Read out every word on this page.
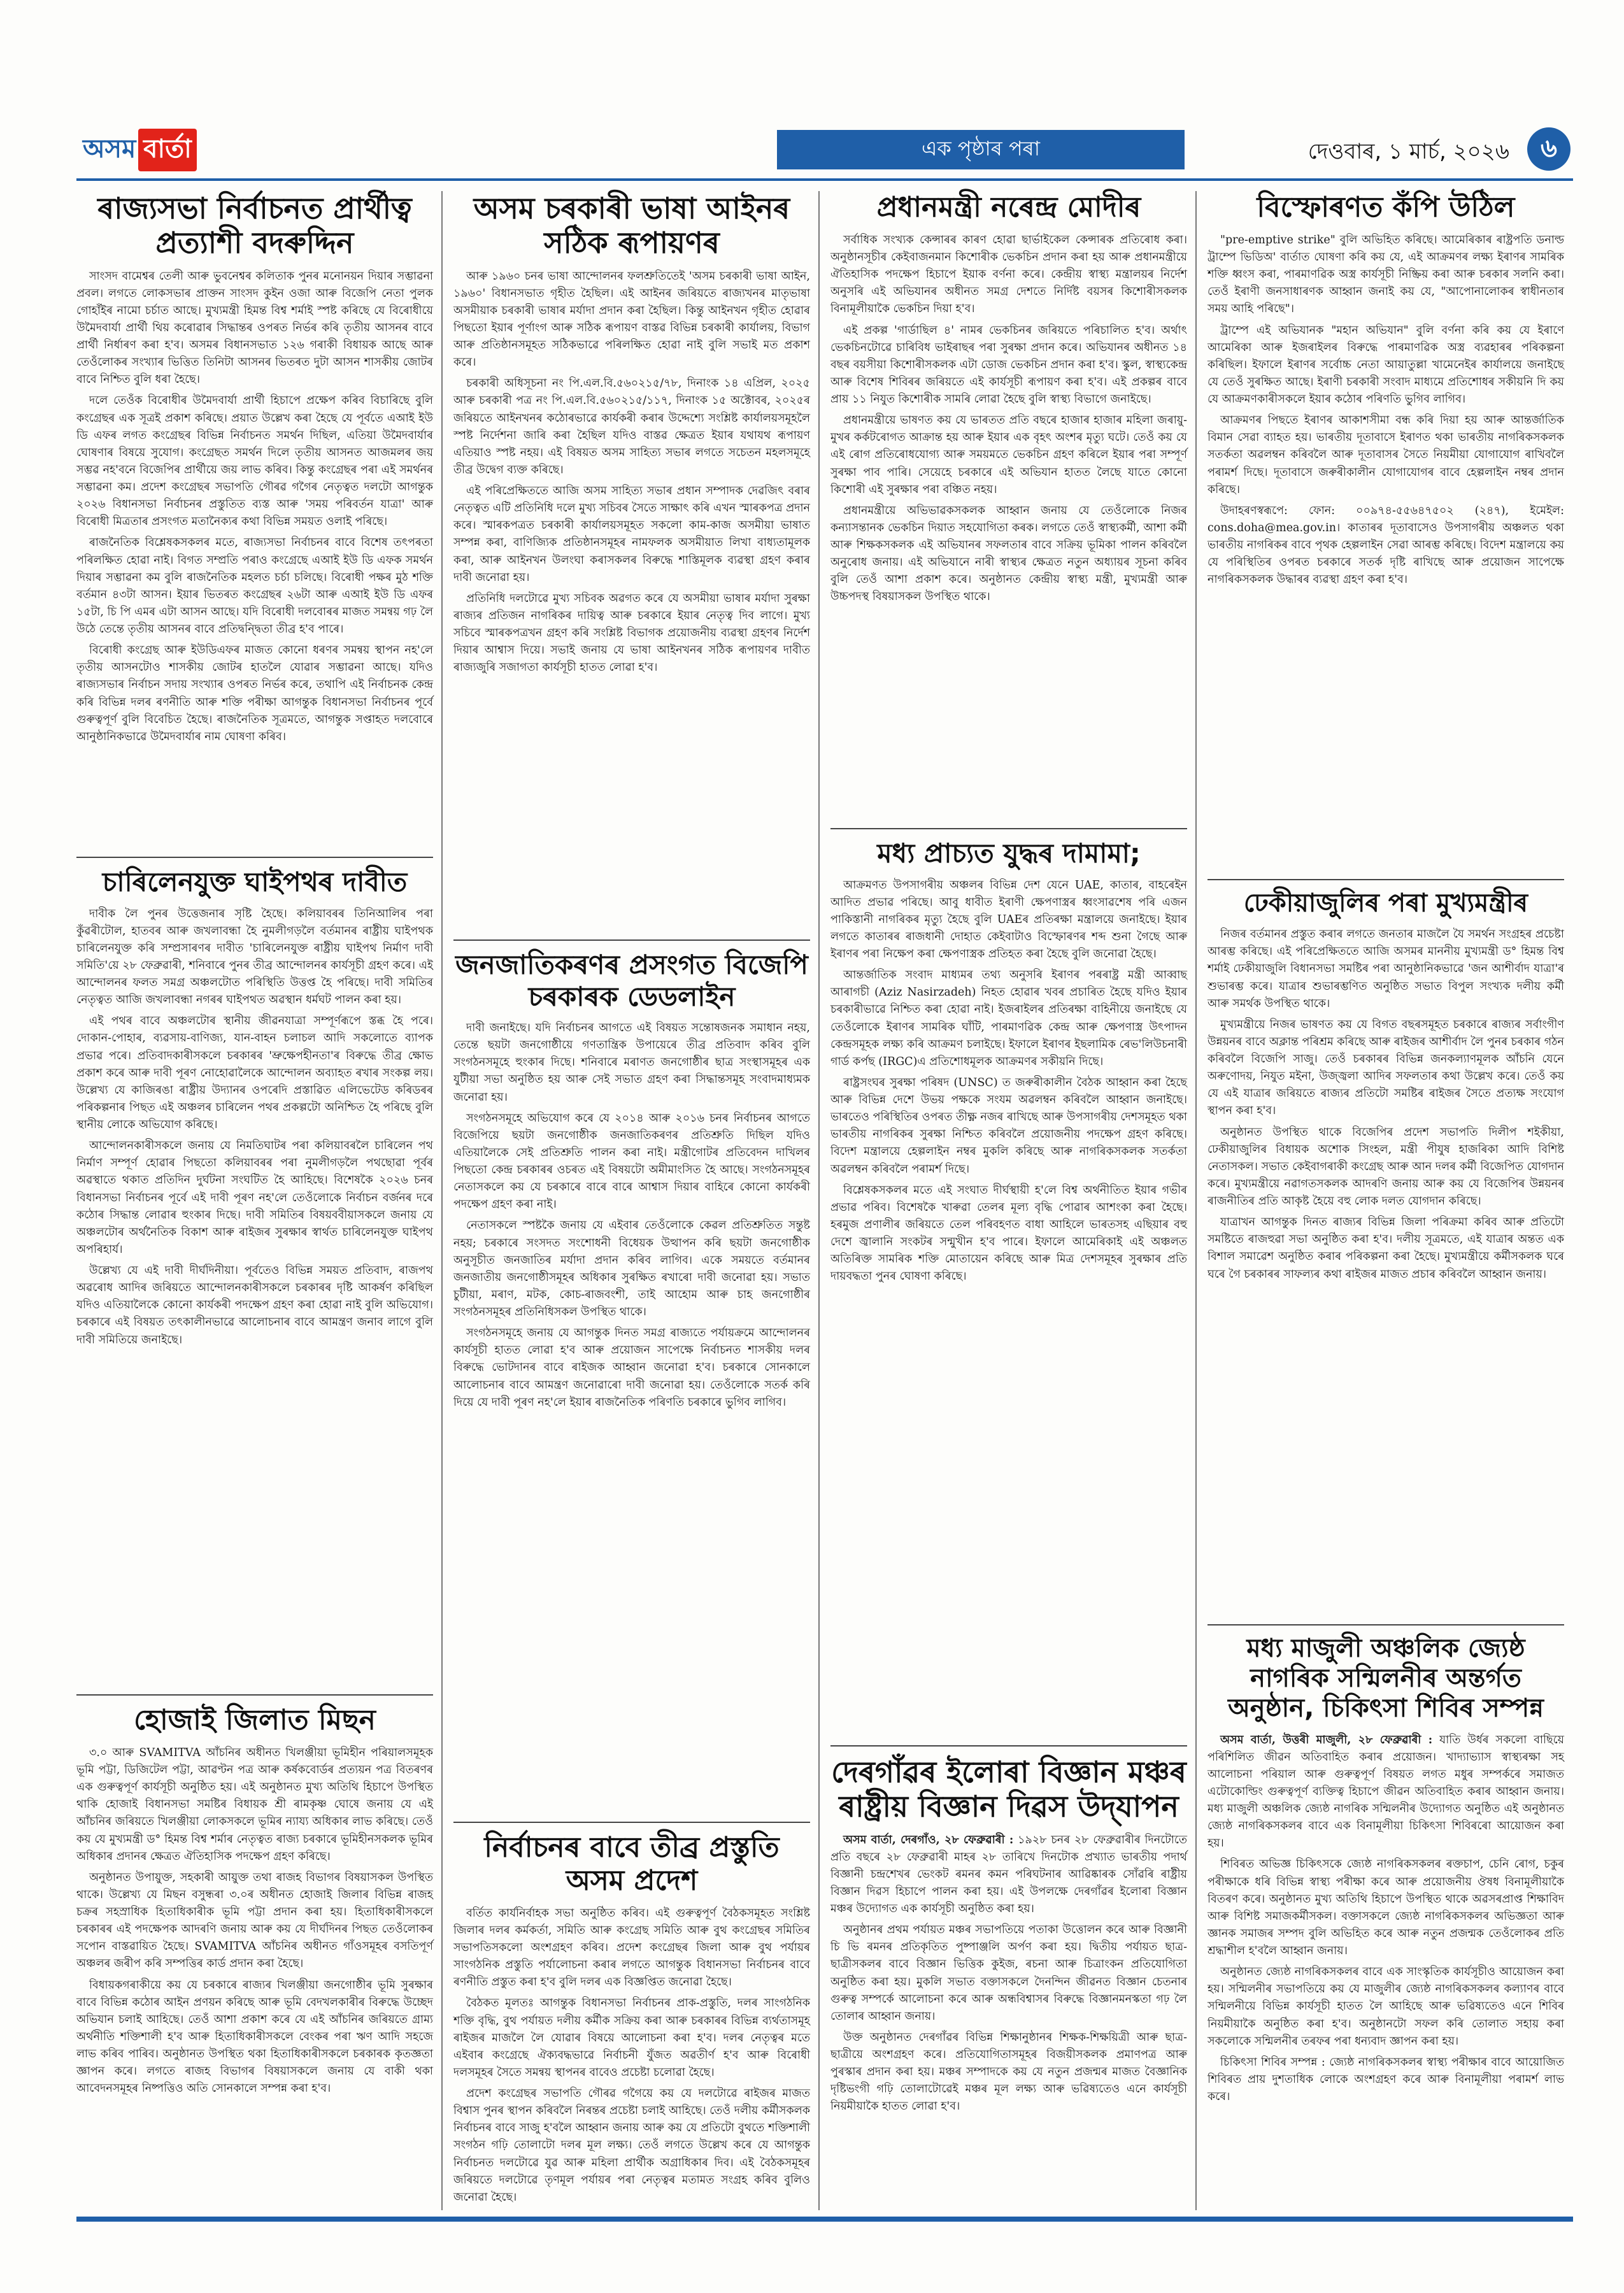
অসম বাৰ্তা	এক পৃষ্ঠাৰ পৰা	দেওবাৰ, ১ মাৰ্চ, ২০২৬	৬
ৰাজ্যসভা নিৰ্বাচনত প্ৰাৰ্থীত্ব প্ৰত্যাশী বদৰুদ্দিন

সাংসদ বামেশ্বৰ তেলী আৰু ভুবনেশ্বৰ কলিতাক পুনৰ মনোনয়ন দিয়াৰ সম্ভাৱনা প্ৰবল। লগতে লোকসভাৰ প্ৰাক্তন সাংসদ কুইন ওজা আৰু বিজেপি নেতা পুলক গোহাঁইৰ নামো চৰ্চাত আছে। মুখ্যমন্ত্ৰী হিমন্ত বিশ্ব শৰ্মাই স্পষ্ট কৰিছে যে বিৰোধীয়ে উমৈদবাৰ্যা প্ৰাৰ্থী থিয় কৰোৱাৰ সিদ্ধান্তৰ ওপৰত নিৰ্ভৰ কৰি তৃতীয় আসনৰ বাবে প্ৰাৰ্থী নিৰ্ধাৰণ কৰা হ'ব। অসমৰ বিধানসভাত ১২৬ গৰাকী বিধায়ক আছে আৰু তেওঁলোকৰ সংখ্যাৰ ভিত্তিত তিনিটা আসনৰ ভিতৰত দুটা আসন শাসকীয় জোটৰ বাবে নিশ্চিত বুলি ধৰা হৈছে।

দলে তেওঁক বিৰোধীৰ উমৈদবাৰ্যা প্ৰাৰ্থী হিচাপে প্ৰক্ষেপ কৰিব বিচাৰিছে বুলি কংগ্ৰেছৰ এক সূত্ৰই প্ৰকাশ কৰিছে। প্ৰয়াত উল্লেখ কৰা হৈছে যে পূৰ্বতে এআই ইউ ডি এফৰ লগত কংগ্ৰেছৰ বিভিন্ন নিৰ্বাচনত সমৰ্থন দিছিল, এতিয়া উমৈদবাৰ্যাৰ ঘোষণাৰ বিষয়ে সুযোগ। কংগ্ৰেছত সমৰ্থন দিলে তৃতীয় আসনত আজমলৰ জয় সম্ভৱ নহ'বনে বিজেপিৰ প্ৰাৰ্থীয়ে জয় লাভ কৰিব। কিন্তু কংগ্ৰেছৰ পৰা এই সমৰ্থনৰ সম্ভাৱনা কম। প্ৰদেশ কংগ্ৰেছৰ সভাপতি গৌৰৱ গগৈৰ নেতৃত্বত দলটো আগন্তুক ২০২৬ বিধানসভা নিৰ্বাচনৰ প্ৰস্তুতিত ব্যস্ত আৰু 'সময় পৰিবৰ্তন যাত্ৰা' আৰু বিৰোধী মিত্ৰতাৰ প্ৰসংগত মতানৈক্যৰ কথা বিভিন্ন সময়ত ওলাই পৰিছে।

ৰাজনৈতিক বিশ্লেষকসকলৰ মতে, ৰাজ্যসভা নিৰ্বাচনৰ বাবে বিশেষ তৎপৰতা পৰিলক্ষিত হোৱা নাই। বিগত সম্প্ৰতি পৰাও কংগ্ৰেছে এআই ইউ ডি এফক সমৰ্থন দিয়াৰ সম্ভাৱনা কম বুলি ৰাজনৈতিক মহলত চৰ্চা চলিছে। বিৰোধী পক্ষৰ মুঠ শক্তি বৰ্তমান ৪৩টা আসন। ইয়াৰ ভিতৰত কংগ্ৰেছৰ ২৬টা আৰু এআই ইউ ডি এফৰ ১৫টা, চি পি এমৰ এটা আসন আছে। যদি বিৰোধী দলবোৰৰ মাজত সমন্বয় গঢ় লৈ উঠে তেন্তে তৃতীয় আসনৰ বাবে প্ৰতিদ্বন্দ্বিতা তীব্ৰ হ'ব পাৰে।

বিৰোধী কংগ্ৰেছ আৰু ইউডিএফৰ মাজত কোনো ধৰণৰ সমন্বয় স্থাপন নহ'লে তৃতীয় আসনটোও শাসকীয় জোটৰ হাতলৈ যোৱাৰ সম্ভাৱনা আছে। যদিও ৰাজ্যসভাৰ নিৰ্বাচন সদায় সংখ্যাৰ ওপৰত নিৰ্ভৰ কৰে, তথাপি এই নিৰ্বাচনক কেন্দ্ৰ কৰি বিভিন্ন দলৰ ৰণনীতি আৰু শক্তি পৰীক্ষা আগন্তুক বিধানসভা নিৰ্বাচনৰ পূৰ্বে গুৰুত্বপূৰ্ণ বুলি বিবেচিত হৈছে। ৰাজনৈতিক সূত্ৰমতে, আগন্তুক সপ্তাহত দলবোৰে আনুষ্ঠানিকভাৱে উমৈদবাৰ্যাৰ নাম ঘোষণা কৰিব।

চাৰিলেনযুক্ত ঘাইপথৰ দাবীত

দাবীক লৈ পুনৰ উত্তেজনাৰ সৃষ্টি হৈছে। কলিয়াবৰৰ তিনিআলিৰ পৰা কুঁৱৰীটোল, হাতবৰ আৰু জখলাবন্ধা হৈ নুমলীগড়লৈ বৰ্তমানৰ ৰাষ্ট্ৰীয় ঘাইপথক চাৰিলেনযুক্ত কৰি সম্প্ৰসাৰণৰ দাবীত 'চাৰিলেনযুক্ত ৰাষ্ট্ৰীয় ঘাইপথ নিৰ্মাণ দাবী সমিতি'য়ে ২৮ ফেব্ৰুৱাৰী, শনিবাৰে পুনৰ তীব্ৰ আন্দোলনৰ কাৰ্যসূচী গ্ৰহণ কৰে। এই আন্দোলনৰ ফলত সমগ্ৰ অঞ্চলটোত পৰিস্থিতি উত্তপ্ত হৈ পৰিছে। দাবী সমিতিৰ নেতৃত্বত আজি জখলাবন্ধা নগৰৰ ঘাইপথত অৱস্থান ধৰ্মঘট পালন কৰা হয়।

এই পথৰ বাবে অঞ্চলটোৰ স্থানীয় জীৱনযাত্ৰা সম্পূৰ্ণৰূপে স্তব্ধ হৈ পৰে। দোকান-পোহাৰ, ব্যৱসায়-বাণিজ্য, যান-বাহন চলাচল আদি সকলোতে ব্যাপক প্ৰভাৱ পৰে। প্ৰতিবাদকাৰীসকলে চৰকাৰৰ 'ভ্ৰুক্ষেপহীনতা'ৰ বিৰুদ্ধে তীব্ৰ ক্ষোভ প্ৰকাশ কৰে আৰু দাবী পূৰণ নোহোৱালৈকে আন্দোলন অব্যাহত ৰখাৰ সংকল্প লয়। উল্লেখ্য যে কাজিৰঙা ৰাষ্ট্ৰীয় উদ্যানৰ ওপৰেদি প্ৰস্তাৱিত এলিভেটেড কৰিডৰৰ পৰিকল্পনাৰ পিছত এই অঞ্চলৰ চাৰিলেন পথৰ প্ৰকল্পটো অনিশ্চিত হৈ পৰিছে বুলি স্থানীয় লোকে অভিযোগ কৰিছে।

আন্দোলনকাৰীসকলে জনায় যে নিমতিঘাটৰ পৰা কলিয়াবৰলৈ চাৰিলেন পথ নিৰ্মাণ সম্পূৰ্ণ হোৱাৰ পিছতো কলিয়াবৰৰ পৰা নুমলীগড়লৈ পথছোৱা পূৰ্বৰ অৱস্থাতে থকাত প্ৰতিদিন দুৰ্ঘটনা সংঘটিত হৈ আহিছে। বিশেষকৈ ২০২৬ চনৰ বিধানসভা নিৰ্বাচনৰ পূৰ্বে এই দাবী পূৰণ নহ'লে তেওঁলোকে নিৰ্বাচন বৰ্জনৰ দৰে কঠোৰ সিদ্ধান্ত লোৱাৰ হুংকাৰ দিছে। দাবী সমিতিৰ বিষয়ববীয়াসকলে জনায় যে অঞ্চলটোৰ অৰ্থনৈতিক বিকাশ আৰু ৰাইজৰ সুৰক্ষাৰ স্বাৰ্থত চাৰিলেনযুক্ত ঘাইপথ অপৰিহাৰ্য।

উল্লেখ্য যে এই দাবী দীৰ্ঘদিনীয়া। পূৰ্বতেও বিভিন্ন সময়ত প্ৰতিবাদ, ৰাজপথ অৱৰোধ আদিৰ জৰিয়তে আন্দোলনকাৰীসকলে চৰকাৰৰ দৃষ্টি আকৰ্ষণ কৰিছিল যদিও এতিয়ালৈকে কোনো কাৰ্যকৰী পদক্ষেপ গ্ৰহণ কৰা হোৱা নাই বুলি অভিযোগ। চৰকাৰে এই বিষয়ত তৎকালীনভাৱে আলোচনাৰ বাবে আমন্ত্ৰণ জনাব লাগে বুলি দাবী সমিতিয়ে জনাইছে।

হোজাই জিলাত মিছন

৩.০ আৰু SVAMITVA আঁচনিৰ অধীনত খিলঞ্জীয়া ভূমিহীন পৰিয়ালসমূহক ভূমি পট্টা, ডিজিটেল পট্টা, আৱণ্টন পত্ৰ আৰু কৰ্ষকবোৰ্ডৰ প্ৰত্যয়ন পত্ৰ বিতৰণৰ এক গুৰুত্বপূৰ্ণ কাৰ্যসূচী অনুষ্ঠিত হয়। এই অনুষ্ঠানত মুখ্য অতিথি হিচাপে উপস্থিত থাকি হোজাই বিধানসভা সমষ্টিৰ বিধায়ক শ্ৰী ৰামকৃষ্ণ ঘোষে জনায় যে এই আঁচনিৰ জৰিয়তে খিলঞ্জীয়া লোকসকলে ভূমিৰ ন্যায্য অধিকাৰ লাভ কৰিছে। তেওঁ কয় যে মুখ্যমন্ত্ৰী ড° হিমন্ত বিশ্ব শৰ্মাৰ নেতৃত্বত ৰাজ্য চৰকাৰে ভূমিহীনসকলক ভূমিৰ অধিকাৰ প্ৰদানৰ ক্ষেত্ৰত ঐতিহাসিক পদক্ষেপ গ্ৰহণ কৰিছে।

অনুষ্ঠানত উপায়ুক্ত, সহকাৰী আয়ুক্ত তথা ৰাজহ বিভাগৰ বিষয়াসকল উপস্থিত থাকে। উল্লেখ্য যে মিছন বসুন্ধৰা ৩.০ৰ অধীনত হোজাই জিলাৰ বিভিন্ন ৰাজহ চক্ৰৰ সহস্ৰাধিক হিতাধিকাৰীক ভূমি পট্টা প্ৰদান কৰা হয়। হিতাধিকাৰীসকলে চৰকাৰৰ এই পদক্ষেপক আদৰণি জনায় আৰু কয় যে দীৰ্ঘদিনৰ পিছত তেওঁলোকৰ সপোন বাস্তৱায়িত হৈছে। SVAMITVA আঁচনিৰ অধীনত গাঁওসমূহৰ বসতিপূৰ্ণ অঞ্চলৰ জৰীপ কৰি সম্পত্তিৰ কাৰ্ড প্ৰদান কৰা হৈছে।

বিধায়কগৰাকীয়ে কয় যে চৰকাৰে ৰাজ্যৰ খিলঞ্জীয়া জনগোষ্ঠীৰ ভূমি সুৰক্ষাৰ বাবে বিভিন্ন কঠোৰ আইন প্ৰণয়ন কৰিছে আৰু ভূমি বেদখলকাৰীৰ বিৰুদ্ধে উচ্ছেদ অভিযান চলাই আহিছে। তেওঁ আশা প্ৰকাশ কৰে যে এই আঁচনিৰ জৰিয়তে গ্ৰাম্য অৰ্থনীতি শক্তিশালী হ'ব আৰু হিতাধিকাৰীসকলে বেংকৰ পৰা ঋণ আদি সহজে লাভ কৰিব পাৰিব। অনুষ্ঠানত উপস্থিত থকা হিতাধিকাৰীসকলে চৰকাৰক কৃতজ্ঞতা জ্ঞাপন কৰে। লগতে ৰাজহ বিভাগৰ বিষয়াসকলে জনায় যে বাকী থকা আবেদনসমূহৰ নিষ্পত্তিও অতি সোনকালে সম্পন্ন কৰা হ'ব।

অসম চৰকাৰী ভাষা আইনৰ সঠিক ৰূপায়ণৰ

আৰু ১৯৬০ চনৰ ভাষা আন্দোলনৰ ফলশ্ৰুতিতেই 'অসম চৰকাৰী ভাষা আইন, ১৯৬০' বিধানসভাত গৃহীত হৈছিল। এই আইনৰ জৰিয়তে ৰাজ্যখনৰ মাতৃভাষা অসমীয়াক চৰকাৰী ভাষাৰ মৰ্যাদা প্ৰদান কৰা হৈছিল। কিন্তু আইনখন গৃহীত হোৱাৰ পিছতো ইয়াৰ পূৰ্ণাংগ আৰু সঠিক ৰূপায়ণ বাস্তৱ বিভিন্ন চৰকাৰী কাৰ্যালয়, বিভাগ আৰু প্ৰতিষ্ঠানসমূহত সঠিকভাৱে পৰিলক্ষিত হোৱা নাই বুলি সভাই মত প্ৰকাশ কৰে।

চৰকাৰী অধিসূচনা নং পি.এল.বি.৫৬০২১৫/৭৮, দিনাংক ১৪ এপ্ৰিল, ২০২৫ আৰু চৰকাৰী পত্ৰ নং পি.এল.বি.৫৬০২১৫/১১৭, দিনাংক ১৫ অক্টোবৰ, ২০২৫ৰ জৰিয়তে আইনখনৰ কঠোৰভাৱে কাৰ্যকৰী কৰাৰ উদ্দেশ্যে সংশ্লিষ্ট কাৰ্যালয়সমূহলৈ স্পষ্ট নিৰ্দেশনা জাৰি কৰা হৈছিল যদিও বাস্তৱ ক্ষেত্ৰত ইয়াৰ যথাযথ ৰূপায়ণ এতিয়াও স্পষ্ট নহয়। এই বিষয়ত অসম সাহিত্য সভাৰ লগতে সচেতন মহলসমূহে তীব্ৰ উদ্বেগ ব্যক্ত কৰিছে।

এই পৰিপ্ৰেক্ষিততে আজি অসম সাহিত্য সভাৰ প্ৰধান সম্পাদক দেৱজিৎ বৰাৰ নেতৃত্বত এটি প্ৰতিনিধি দলে মুখ্য সচিবৰ সৈতে সাক্ষাৎ কৰি এখন স্মাৰকপত্ৰ প্ৰদান কৰে। স্মাৰকপত্ৰত চৰকাৰী কাৰ্যালয়সমূহত সকলো কাম-কাজ অসমীয়া ভাষাত সম্পন্ন কৰা, বাণিজ্যিক প্ৰতিষ্ঠানসমূহৰ নামফলক অসমীয়াত লিখা বাধ্যতামূলক কৰা, আৰু আইনখন উলংঘা কৰাসকলৰ বিৰুদ্ধে শাস্তিমূলক ব্যৱস্থা গ্ৰহণ কৰাৰ দাবী জনোৱা হয়।

প্ৰতিনিধি দলটোৱে মুখ্য সচিবক অৱগত কৰে যে অসমীয়া ভাষাৰ মৰ্যাদা সুৰক্ষা ৰাজ্যৰ প্ৰতিজন নাগৰিকৰ দায়িত্ব আৰু চৰকাৰে ইয়াৰ নেতৃত্ব দিব লাগে। মুখ্য সচিবে স্মাৰকপত্ৰখন গ্ৰহণ কৰি সংশ্লিষ্ট বিভাগক প্ৰয়োজনীয় ব্যৱস্থা গ্ৰহণৰ নিৰ্দেশ দিয়াৰ আশ্বাস দিয়ে। সভাই জনায় যে ভাষা আইনখনৰ সঠিক ৰূপায়ণৰ দাবীত ৰাজ্যজুৰি সজাগতা কাৰ্যসূচী হাতত লোৱা হ'ব।

জনজাতিকৰণৰ প্ৰসংগত বিজেপি চৰকাৰক ডেডলাইন

দাবী জনাইছে। যদি নিৰ্বাচনৰ আগতে এই বিষয়ত সন্তোষজনক সমাধান নহয়, তেন্তে ছয়টা জনগোষ্ঠীয়ে গণতান্ত্ৰিক উপায়েৰে তীব্ৰ প্ৰতিবাদ কৰিব বুলি সংগঠনসমূহে হুংকাৰ দিছে। শনিবাৰে মৰাণত জনগোষ্ঠীৰ ছাত্ৰ সংস্থাসমূহৰ এক যুটীয়া সভা অনুষ্ঠিত হয় আৰু সেই সভাত গ্ৰহণ কৰা সিদ্ধান্তসমূহ সংবাদমাধ্যমক জনোৱা হয়।

সংগঠনসমূহে অভিযোগ কৰে যে ২০১৪ আৰু ২০১৬ চনৰ নিৰ্বাচনৰ আগতে বিজেপিয়ে ছয়টা জনগোষ্ঠীক জনজাতিকৰণৰ প্ৰতিশ্ৰুতি দিছিল যদিও এতিয়ালৈকে সেই প্ৰতিশ্ৰুতি পালন কৰা নাই। মন্ত্ৰীগোটৰ প্ৰতিবেদন দাখিলৰ পিছতো কেন্দ্ৰ চৰকাৰৰ ওচৰত এই বিষয়টো অমীমাংসিত হৈ আছে। সংগঠনসমূহৰ নেতাসকলে কয় যে চৰকাৰে বাৰে বাৰে আশ্বাস দিয়াৰ বাহিৰে কোনো কাৰ্যকৰী পদক্ষেপ গ্ৰহণ কৰা নাই।

নেতাসকলে স্পষ্টকৈ জনায় যে এইবাৰ তেওঁলোকে কেৱল প্ৰতিশ্ৰুতিত সন্তুষ্ট নহয়; চৰকাৰে সংসদত সংশোধনী বিধেয়ক উত্থাপন কৰি ছয়টা জনগোষ্ঠীক অনুসূচীত জনজাতিৰ মৰ্যাদা প্ৰদান কৰিব লাগিব। একে সময়তে বৰ্তমানৰ জনজাতীয় জনগোষ্ঠীসমূহৰ অধিকাৰ সুৰক্ষিত ৰখাৰো দাবী জনোৱা হয়। সভাত চুটীয়া, মৰাণ, মটক, কোচ-ৰাজবংশী, তাই আহোম আৰু চাহ জনগোষ্ঠীৰ সংগঠনসমূহৰ প্ৰতিনিধিসকল উপস্থিত থাকে।

সংগঠনসমূহে জনায় যে আগন্তুক দিনত সমগ্ৰ ৰাজ্যতে পৰ্যায়ক্ৰমে আন্দোলনৰ কাৰ্যসূচী হাতত লোৱা হ'ব আৰু প্ৰয়োজন সাপেক্ষে নিৰ্বাচনত শাসকীয় দলৰ বিৰুদ্ধে ভোটদানৰ বাবে ৰাইজক আহ্বান জনোৱা হ'ব। চৰকাৰে সোনকালে আলোচনাৰ বাবে আমন্ত্ৰণ জনোৱাৰো দাবী জনোৱা হয়। তেওঁলোকে সতৰ্ক কৰি দিয়ে যে দাবী পূৰণ নহ'লে ইয়াৰ ৰাজনৈতিক পৰিণতি চৰকাৰে ভুগিব লাগিব।

নিৰ্বাচনৰ বাবে তীব্ৰ প্ৰস্তুতি অসম প্ৰদেশ

বৰ্তিত কাৰ্যনিৰ্বাহক সভা অনুষ্ঠিত কৰিব। এই গুৰুত্বপূৰ্ণ বৈঠকসমূহত সংশ্লিষ্ট জিলাৰ দলৰ কৰ্মকৰ্তা, সমিতি আৰু কংগ্ৰেছ সমিতি আৰু বুথ কংগ্ৰেছৰ সমিতিৰ সভাপতিসকলো অংশগ্ৰহণ কৰিব। প্ৰদেশ কংগ্ৰেছৰ জিলা আৰু বুথ পৰ্যায়ৰ সাংগঠনিক প্ৰস্তুতি পৰ্যালোচনা কৰাৰ লগতে আগন্তুক বিধানসভা নিৰ্বাচনৰ বাবে ৰণনীতি প্ৰস্তুত কৰা হ'ব বুলি দলৰ এক বিজ্ঞপ্তিত জনোৱা হৈছে।

বৈঠকত মূলতঃ আগন্তুক বিধানসভা নিৰ্বাচনৰ প্ৰাক-প্ৰস্তুতি, দলৰ সাংগঠনিক শক্তি বৃদ্ধি, বুথ পৰ্যায়ত দলীয় কৰ্মীক সক্ৰিয় কৰা আৰু চৰকাৰৰ বিভিন্ন ব্যৰ্থতাসমূহ ৰাইজৰ মাজলৈ লৈ যোৱাৰ বিষয়ে আলোচনা কৰা হ'ব। দলৰ নেতৃত্বৰ মতে এইবাৰ কংগ্ৰেছে ঐক্যবদ্ধভাৱে নিৰ্বাচনী যুঁজত অৱতীৰ্ণ হ'ব আৰু বিৰোধী দলসমূহৰ সৈতে সমন্বয় স্থাপনৰ বাবেও প্ৰচেষ্টা চলোৱা হৈছে।

প্ৰদেশ কংগ্ৰেছৰ সভাপতি গৌৰৱ গগৈয়ে কয় যে দলটোৱে ৰাইজৰ মাজত বিশ্বাস পুনৰ স্থাপন কৰিবলৈ নিৰন্তৰ প্ৰচেষ্টা চলাই আহিছে। তেওঁ দলীয় কৰ্মীসকলক নিৰ্বাচনৰ বাবে সাজু হ'বলৈ আহ্বান জনায় আৰু কয় যে প্ৰতিটো বুথতে শক্তিশালী সংগঠন গঢ়ি তোলাটো দলৰ মূল লক্ষ্য। তেওঁ লগতে উল্লেখ কৰে যে আগন্তুক নিৰ্বাচনত দলটোৱে যুৱ আৰু মহিলা প্ৰাৰ্থীক অগ্ৰাধিকাৰ দিব। এই বৈঠকসমূহৰ জৰিয়তে দলটোৱে তৃণমূল পৰ্যায়ৰ পৰা নেতৃত্বৰ মতামত সংগ্ৰহ কৰিব বুলিও জনোৱা হৈছে।

প্ৰধানমন্ত্ৰী নৰেন্দ্ৰ মোদীৰ

সৰ্বাধিক সংখ্যক কেন্সাৰৰ কাৰণ হোৱা ছাৰ্ভাইকেল কেন্সাৰক প্ৰতিৰোধ কৰা। অনুষ্ঠানসূচীৰ কেইবাজনমান কিশোৰীক ভেকচিন প্ৰদান কৰা হয় আৰু প্ৰধানমন্ত্ৰীয়ে ঐতিহাসিক পদক্ষেপ হিচাপে ইয়াক বৰ্ণনা কৰে। কেন্দ্ৰীয় স্বাস্থ্য মন্ত্ৰালয়ৰ নিৰ্দেশ অনুসৰি এই অভিযানৰ অধীনত সমগ্ৰ দেশতে নিৰ্দিষ্ট বয়সৰ কিশোৰীসকলক বিনামূলীয়াকৈ ভেকচিন দিয়া হ'ব।

এই প্ৰকল্প 'গাৰ্ডাছিল ৪' নামৰ ভেকচিনৰ জৰিয়তে পৰিচালিত হ'ব। অৰ্থাৎ ভেকচিনটোৱে চাৰিবিধ ভাইৰাছৰ পৰা সুৰক্ষা প্ৰদান কৰে। অভিযানৰ অধীনত ১৪ বছৰ বয়সীয়া কিশোৰীসকলক এটা ডোজ ভেকচিন প্ৰদান কৰা হ'ব। স্কুল, স্বাস্থ্যকেন্দ্ৰ আৰু বিশেষ শিবিৰৰ জৰিয়তে এই কাৰ্যসূচী ৰূপায়ণ কৰা হ'ব। এই প্ৰকল্পৰ বাবে প্ৰায় ১১ নিযুত কিশোৰীক সামৰি লোৱা হৈছে বুলি স্বাস্থ্য বিভাগে জনাইছে।

প্ৰধানমন্ত্ৰীয়ে ভাষণত কয় যে ভাৰতত প্ৰতি বছৰে হাজাৰ হাজাৰ মহিলা জৰায়ু-মুখৰ কৰ্কটৰোগত আক্ৰান্ত হয় আৰু ইয়াৰ এক বৃহৎ অংশৰ মৃত্যু ঘটে। তেওঁ কয় যে এই ৰোগ প্ৰতিৰোধযোগ্য আৰু সময়মতে ভেকচিন গ্ৰহণ কৰিলে ইয়াৰ পৰা সম্পূৰ্ণ সুৰক্ষা পাব পাৰি। সেয়েহে চৰকাৰে এই অভিযান হাতত লৈছে যাতে কোনো কিশোৰী এই সুৰক্ষাৰ পৰা বঞ্চিত নহয়।

প্ৰধানমন্ত্ৰীয়ে অভিভাৱকসকলক আহ্বান জনায় যে তেওঁলোকে নিজৰ কন্যাসন্তানক ভেকচিন দিয়াত সহযোগিতা কৰক। লগতে তেওঁ স্বাস্থ্যকৰ্মী, আশা কৰ্মী আৰু শিক্ষকসকলক এই অভিযানৰ সফলতাৰ বাবে সক্ৰিয় ভূমিকা পালন কৰিবলৈ অনুৰোধ জনায়। এই অভিযানে নাৰী স্বাস্থ্যৰ ক্ষেত্ৰত নতুন অধ্যায়ৰ সূচনা কৰিব বুলি তেওঁ আশা প্ৰকাশ কৰে। অনুষ্ঠানত কেন্দ্ৰীয় স্বাস্থ্য মন্ত্ৰী, মুখ্যমন্ত্ৰী আৰু উচ্চপদস্থ বিষয়াসকল উপস্থিত থাকে।

মধ্য প্ৰাচ্যত যুদ্ধৰ দামামা;

আক্ৰমণত উপসাগৰীয় অঞ্চলৰ বিভিন্ন দেশ যেনে UAE, কাতাৰ, বাহৰেইন আদিত প্ৰভাৱ পৰিছে। আবু ধাবীত ইৰাণী ক্ষেপণাস্ত্ৰৰ ধ্বংসাৱশেষ পৰি এজন পাকিস্তানী নাগৰিকৰ মৃত্যু হৈছে বুলি UAEৰ প্ৰতিৰক্ষা মন্ত্ৰালয়ে জনাইছে। ইয়াৰ লগতে কাতাৰৰ ৰাজধানী দোহাত কেইবাটাও বিস্ফোৰণৰ শব্দ শুনা গৈছে আৰু ইৰাণৰ পৰা নিক্ষেপ কৰা ক্ষেপণাস্ত্ৰক প্ৰতিহত কৰা হৈছে বুলি জনোৱা হৈছে।

আন্তৰ্জাতিক সংবাদ মাধ্যমৰ তথ্য অনুসৰি ইৰাণৰ পৰৰাষ্ট্ৰ মন্ত্ৰী আব্বাছ আৰাগচী (Aziz Nasirzadeh) নিহত হোৱাৰ খবৰ প্ৰচাৰিত হৈছে যদিও ইয়াৰ চৰকাৰীভাৱে নিশ্চিত কৰা হোৱা নাই। ইজৰাইলৰ প্ৰতিৰক্ষা বাহিনীয়ে জনাইছে যে তেওঁলোকে ইৰাণৰ সামৰিক ঘাঁটি, পাৰমাণৱিক কেন্দ্ৰ আৰু ক্ষেপণাস্ত্ৰ উৎপাদন কেন্দ্ৰসমূহক লক্ষ্য কৰি আক্ৰমণ চলাইছে। ইফালে ইৰাণৰ ইছলামিক ৰেভ'লিউচনাৰী গাৰ্ড কৰ্পছ (IRGC)এ প্ৰতিশোধমূলক আক্ৰমণৰ সকীয়নি দিছে।

ৰাষ্ট্ৰসংঘৰ সুৰক্ষা পৰিষদ (UNSC) ত জৰুৰীকালীন বৈঠক আহ্বান কৰা হৈছে আৰু বিভিন্ন দেশে উভয় পক্ষকে সংযম অৱলম্বন কৰিবলৈ আহ্বান জনাইছে। ভাৰতেও পৰিস্থিতিৰ ওপৰত তীক্ষ্ণ নজৰ ৰাখিছে আৰু উপসাগৰীয় দেশসমূহত থকা ভাৰতীয় নাগৰিকৰ সুৰক্ষা নিশ্চিত কৰিবলৈ প্ৰয়োজনীয় পদক্ষেপ গ্ৰহণ কৰিছে। বিদেশ মন্ত্ৰালয়ে হেল্পলাইন নম্বৰ মুকলি কৰিছে আৰু নাগৰিকসকলক সতৰ্কতা অৱলম্বন কৰিবলৈ পৰামৰ্শ দিছে।

বিশ্লেষকসকলৰ মতে এই সংঘাত দীৰ্ঘস্থায়ী হ'লে বিশ্ব অৰ্থনীতিত ইয়াৰ গভীৰ প্ৰভাৱ পৰিব। বিশেষকৈ খাৰুৱা তেলৰ মূল্য বৃদ্ধি পোৱাৰ আশংকা কৰা হৈছে। হৰমুজ প্ৰণালীৰ জৰিয়তে তেল পৰিবহণত বাধা আহিলে ভাৰতসহ এছিয়াৰ বহু দেশে জ্বালানি সংকটৰ সন্মুখীন হ'ব পাৰে। ইফালে আমেৰিকাই এই অঞ্চলত অতিৰিক্ত সামৰিক শক্তি মোতায়েন কৰিছে আৰু মিত্ৰ দেশসমূহৰ সুৰক্ষাৰ প্ৰতি দায়বদ্ধতা পুনৰ ঘোষণা কৰিছে।

দেৰগাঁৱৰ ইলোৰা বিজ্ঞান মঞ্চৰ ৰাষ্ট্ৰীয় বিজ্ঞান দিৱস উদ্‌যাপন

অসম বাৰ্তা, দেৰগাঁও, ২৮ ফেব্ৰুৱাৰী : ১৯২৮ চনৰ ২৮ ফেব্ৰুৱাৰীৰ দিনটোতে প্ৰতি বছৰে ২৮ ফেব্ৰুৱাৰী মাহৰ ২৮ তাৰিখে দিনটোক প্ৰখ্যাত ভাৰতীয় পদাৰ্থ বিজ্ঞানী চন্দ্ৰশেখৰ ভেংকট ৰমনৰ কমন পৰিঘটনাৰ আৱিষ্কাৰক সোঁৱৰি ৰাষ্ট্ৰীয় বিজ্ঞান দিৱস হিচাপে পালন কৰা হয়। এই উপলক্ষে দেৰগাঁৱৰ ইলোৰা বিজ্ঞান মঞ্চৰ উদ্যোগত এক কাৰ্যসূচী অনুষ্ঠিত কৰা হয়।

অনুষ্ঠানৰ প্ৰথম পৰ্যায়ত মঞ্চৰ সভাপতিয়ে পতাকা উত্তোলন কৰে আৰু বিজ্ঞানী চি ভি ৰমনৰ প্ৰতিকৃতিত পুষ্পাঞ্জলি অৰ্পণ কৰা হয়। দ্বিতীয় পৰ্যায়ত ছাত্ৰ-ছাত্ৰীসকলৰ বাবে বিজ্ঞান ভিত্তিক কুইজ, ৰচনা আৰু চিত্ৰাংকন প্ৰতিযোগিতা অনুষ্ঠিত কৰা হয়। মুকলি সভাত বক্তাসকলে দৈনন্দিন জীৱনত বিজ্ঞান চেতনাৰ গুৰুত্ব সম্পৰ্কে আলোচনা কৰে আৰু অন্ধবিশ্বাসৰ বিৰুদ্ধে বিজ্ঞানমনস্কতা গঢ় লৈ তোলাৰ আহ্বান জনায়।

উক্ত অনুষ্ঠানত দেৰগাঁৱৰ বিভিন্ন শিক্ষানুষ্ঠানৰ শিক্ষক-শিক্ষয়িত্ৰী আৰু ছাত্ৰ-ছাত্ৰীয়ে অংশগ্ৰহণ কৰে। প্ৰতিযোগিতাসমূহৰ বিজয়ীসকলক প্ৰমাণপত্ৰ আৰু পুৰস্কাৰ প্ৰদান কৰা হয়। মঞ্চৰ সম্পাদকে কয় যে নতুন প্ৰজন্মৰ মাজত বৈজ্ঞানিক দৃষ্টিভংগী গঢ়ি তোলাটোৱেই মঞ্চৰ মূল লক্ষ্য আৰু ভৱিষ্যতেও এনে কাৰ্যসূচী নিয়মীয়াকৈ হাতত লোৱা হ'ব।

বিস্ফোৰণত কঁপি উঠিল

"pre-emptive strike" বুলি অভিহিত কৰিছে। আমেৰিকাৰ ৰাষ্ট্ৰপতি ডনাল্ড ট্ৰাম্পে ভিডিঅ' বাৰ্তাত ঘোষণা কৰি কয় যে, এই আক্ৰমণৰ লক্ষ্য ইৰাণৰ সামৰিক শক্তি ধ্বংস কৰা, পাৰমাণৱিক অস্ত্ৰ কাৰ্যসূচী নিষ্ক্ৰিয় কৰা আৰু চৰকাৰ সলনি কৰা। তেওঁ ইৰাণী জনসাধাৰণক আহ্বান জনাই কয় যে, "আপোনালোকৰ স্বাধীনতাৰ সময় আহি পৰিছে"।

ট্ৰাম্পে এই অভিযানক "মহান অভিযান" বুলি বৰ্ণনা কৰি কয় যে ইৰাণে আমেৰিকা আৰু ইজৰাইলৰ বিৰুদ্ধে পাৰমাণৱিক অস্ত্ৰ ব্যৱহাৰৰ পৰিকল্পনা কৰিছিল। ইফালে ইৰাণৰ সৰ্বোচ্চ নেতা আয়াতুল্লা খামেনেইৰ কাৰ্যালয়ে জনাইছে যে তেওঁ সুৰক্ষিত আছে। ইৰাণী চৰকাৰী সংবাদ মাধ্যমে প্ৰতিশোধৰ সকীয়নি দি কয় যে আক্ৰমণকাৰীসকলে ইয়াৰ কঠোৰ পৰিণতি ভুগিব লাগিব।

আক্ৰমণৰ পিছতে ইৰাণৰ আকাশসীমা বন্ধ কৰি দিয়া হয় আৰু আন্তৰ্জাতিক বিমান সেৱা ব্যাহত হয়। ভাৰতীয় দূতাবাসে ইৰাণত থকা ভাৰতীয় নাগৰিকসকলক সতৰ্কতা অৱলম্বন কৰিবলৈ আৰু দূতাবাসৰ সৈতে নিয়মীয়া যোগাযোগ ৰাখিবলৈ পৰামৰ্শ দিছে। দূতাবাসে জৰুৰীকালীন যোগাযোগৰ বাবে হেল্পলাইন নম্বৰ প্ৰদান কৰিছে।

উদাহৰণস্বৰূপে: ফোন: ০০৯৭৪-৫৫৬৪৭৫০২ (২৪৭), ইমেইল: cons.doha@mea.gov.in। কাতাৰৰ দূতাবাসেও উপসাগৰীয় অঞ্চলত থকা ভাৰতীয় নাগৰিকৰ বাবে পৃথক হেল্পলাইন সেৱা আৰম্ভ কৰিছে। বিদেশ মন্ত্ৰালয়ে কয় যে পৰিস্থিতিৰ ওপৰত চৰকাৰে সতৰ্ক দৃষ্টি ৰাখিছে আৰু প্ৰয়োজন সাপেক্ষে নাগৰিকসকলক উদ্ধাৰৰ ব্যৱস্থা গ্ৰহণ কৰা হ'ব।

ঢেকীয়াজুলিৰ পৰা মুখ্যমন্ত্ৰীৰ

নিজৰ বৰ্তমানৰ প্ৰস্তুত কৰাৰ লগতে জনতাৰ মাজলৈ যৈ সমৰ্থন সংগ্ৰহৰ প্ৰচেষ্টা আৰম্ভ কৰিছে। এই পৰিপ্ৰেক্ষিততে আজি অসমৰ মাননীয় মুখ্যমন্ত্ৰী ড° হিমন্ত বিশ্ব শৰ্মাই ঢেকীয়াজুলি বিধানসভা সমষ্টিৰ পৰা আনুষ্ঠানিকভাৱে 'জন আশীৰ্বাদ যাত্ৰা'ৰ শুভাৰম্ভ কৰে। যাত্ৰাৰ শুভাৰম্ভণিত অনুষ্ঠিত সভাত বিপুল সংখ্যক দলীয় কৰ্মী আৰু সমৰ্থক উপস্থিত থাকে।

মুখ্যমন্ত্ৰীয়ে নিজৰ ভাষণত কয় যে বিগত বছৰসমূহত চৰকাৰে ৰাজ্যৰ সৰ্বাংগীণ উন্নয়নৰ বাবে অক্লান্ত পৰিশ্ৰম কৰিছে আৰু ৰাইজৰ আশীৰ্বাদ লৈ পুনৰ চৰকাৰ গঠন কৰিবলৈ বিজেপি সাজু। তেওঁ চৰকাৰৰ বিভিন্ন জনকল্যাণমূলক আঁচনি যেনে অৰুণোদয়, নিযুত মইনা, উজ্জ্বলা আদিৰ সফলতাৰ কথা উল্লেখ কৰে। তেওঁ কয় যে এই যাত্ৰাৰ জৰিয়তে ৰাজ্যৰ প্ৰতিটো সমষ্টিৰ ৰাইজৰ সৈতে প্ৰত্যক্ষ সংযোগ স্থাপন কৰা হ'ব।

অনুষ্ঠানত উপস্থিত থাকে বিজেপিৰ প্ৰদেশ সভাপতি দিলীপ শইকীয়া, ঢেকীয়াজুলিৰ বিধায়ক অশোক সিংহল, মন্ত্ৰী পীযুষ হাজৰিকা আদি বিশিষ্ট নেতাসকল। সভাত কেইবাগৰাকী কংগ্ৰেছ আৰু আন দলৰ কৰ্মী বিজেপিত যোগদান কৰে। মুখ্যমন্ত্ৰীয়ে নৱাগতসকলক আদৰণি জনায় আৰু কয় যে বিজেপিৰ উন্নয়নৰ ৰাজনীতিৰ প্ৰতি আকৃষ্ট হৈয়ে বহু লোক দলত যোগদান কৰিছে।

যাত্ৰাখন আগন্তুক দিনত ৰাজ্যৰ বিভিন্ন জিলা পৰিক্ৰমা কৰিব আৰু প্ৰতিটো সমষ্টিতে ৰাজহুৱা সভা অনুষ্ঠিত কৰা হ'ব। দলীয় সূত্ৰমতে, এই যাত্ৰাৰ অন্তত এক বিশাল সমাৱেশ অনুষ্ঠিত কৰাৰ পৰিকল্পনা কৰা হৈছে। মুখ্যমন্ত্ৰীয়ে কৰ্মীসকলক ঘৰে ঘৰে গৈ চৰকাৰৰ সাফল্যৰ কথা ৰাইজৰ মাজত প্ৰচাৰ কৰিবলৈ আহ্বান জনায়।

মধ্য মাজুলী অঞ্চলিক জ্যেষ্ঠ নাগৰিক সন্মিলনীৰ অন্তৰ্গত অনুষ্ঠান, চিকিৎসা শিবিৰ সম্পন্ন

অসম বাৰ্তা, উত্তৰী মাজুলী, ২৮ ফেব্ৰুৱাৰী : যাতি উৰ্ধৰ সকলো বাছিয়ে পৰিশিলিত জীৱন অতিবাহিত কৰাৰ প্ৰয়োজন। খাদ্যাভ্যাস স্বাস্থ্যৰক্ষা সহ আলোচনা পৰিয়াল আৰু গুৰুত্বপূৰ্ণ বিষয়ত লগত মধুৰ সম্পৰ্কৰে সমাজত এটোকোল্ডিং গুৰুত্বপূৰ্ণ ব্যক্তিত্ব হিচাপে জীৱন অতিবাহিত কৰাৰ আহ্বান জনায়। মধ্য মাজুলী অঞ্চলিক জ্যেষ্ঠ নাগৰিক সন্মিলনীৰ উদ্যোগত অনুষ্ঠিত এই অনুষ্ঠানত জ্যেষ্ঠ নাগৰিকসকলৰ বাবে এক বিনামূলীয়া চিকিৎসা শিবিৰৰো আয়োজন কৰা হয়।

শিবিৰত অভিজ্ঞ চিকিৎসকে জ্যেষ্ঠ নাগৰিকসকলৰ ৰক্তচাপ, চেনি ৰোগ, চকুৰ পৰীক্ষাকে ধৰি বিভিন্ন স্বাস্থ্য পৰীক্ষা কৰে আৰু প্ৰয়োজনীয় ঔষধ বিনামূলীয়াকৈ বিতৰণ কৰে। অনুষ্ঠানত মুখ্য অতিথি হিচাপে উপস্থিত থাকে অৱসৰপ্ৰাপ্ত শিক্ষাবিদ আৰু বিশিষ্ট সমাজকৰ্মীসকল। বক্তাসকলে জ্যেষ্ঠ নাগৰিকসকলৰ অভিজ্ঞতা আৰু জ্ঞানক সমাজৰ সম্পদ বুলি অভিহিত কৰে আৰু নতুন প্ৰজন্মক তেওঁলোকৰ প্ৰতি শ্ৰদ্ধাশীল হ'বলৈ আহ্বান জনায়।

অনুষ্ঠানত জ্যেষ্ঠ নাগৰিকসকলৰ বাবে এক সাংস্কৃতিক কাৰ্যসূচীও আয়োজন কৰা হয়। সন্মিলনীৰ সভাপতিয়ে কয় যে মাজুলীৰ জ্যেষ্ঠ নাগৰিকসকলৰ কল্যাণৰ বাবে সন্মিলনীয়ে বিভিন্ন কাৰ্যসূচী হাতত লৈ আহিছে আৰু ভৱিষ্যতেও এনে শিবিৰ নিয়মীয়াকৈ অনুষ্ঠিত কৰা হ'ব। অনুষ্ঠানটো সফল কৰি তোলাত সহায় কৰা সকলোকে সন্মিলনীৰ তৰফৰ পৰা ধন্যবাদ জ্ঞাপন কৰা হয়।

চিকিৎসা শিবিৰ সম্পন্ন : জ্যেষ্ঠ নাগৰিকসকলৰ স্বাস্থ্য পৰীক্ষাৰ বাবে আয়োজিত শিবিৰত প্ৰায় দুশতাধিক লোকে অংশগ্ৰহণ কৰে আৰু বিনামূলীয়া পৰামৰ্শ লাভ কৰে।
